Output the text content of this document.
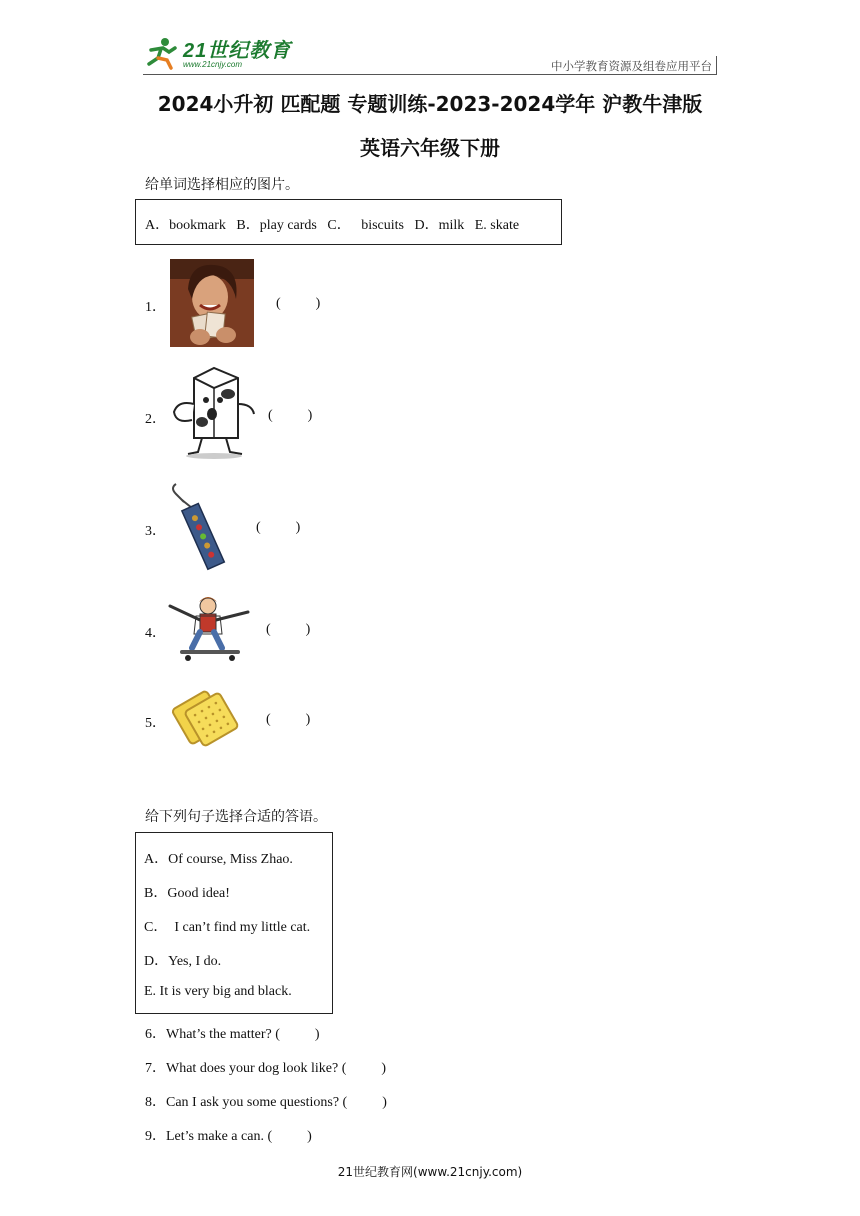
21世纪教育
www.21cnjy.com	中小学教育资源及组卷应用平台
2024小升初 匹配题 专题训练-2023-2024学年 沪教牛津版
英语六年级下册
给单词选择相应的图片。
A．bookmark   B．play cards   C．   biscuits   D．milk   E. skate
1．	(          )
2．	(          )
3．	(          )
4．	(          )
5．	(          )
给下列句子选择合适的答语。
A．Of course, Miss Zhao.
B．Good idea!
C．  I can’t find my little cat.
D．Yes, I do.
E. It is very big and black.
6．What’s the matter? (          )
7．What does your dog look like? (          )
8．Can I ask you some questions? (          )
9．Let’s make a can. (          )
21世纪教育网(www.21cnjy.com)
